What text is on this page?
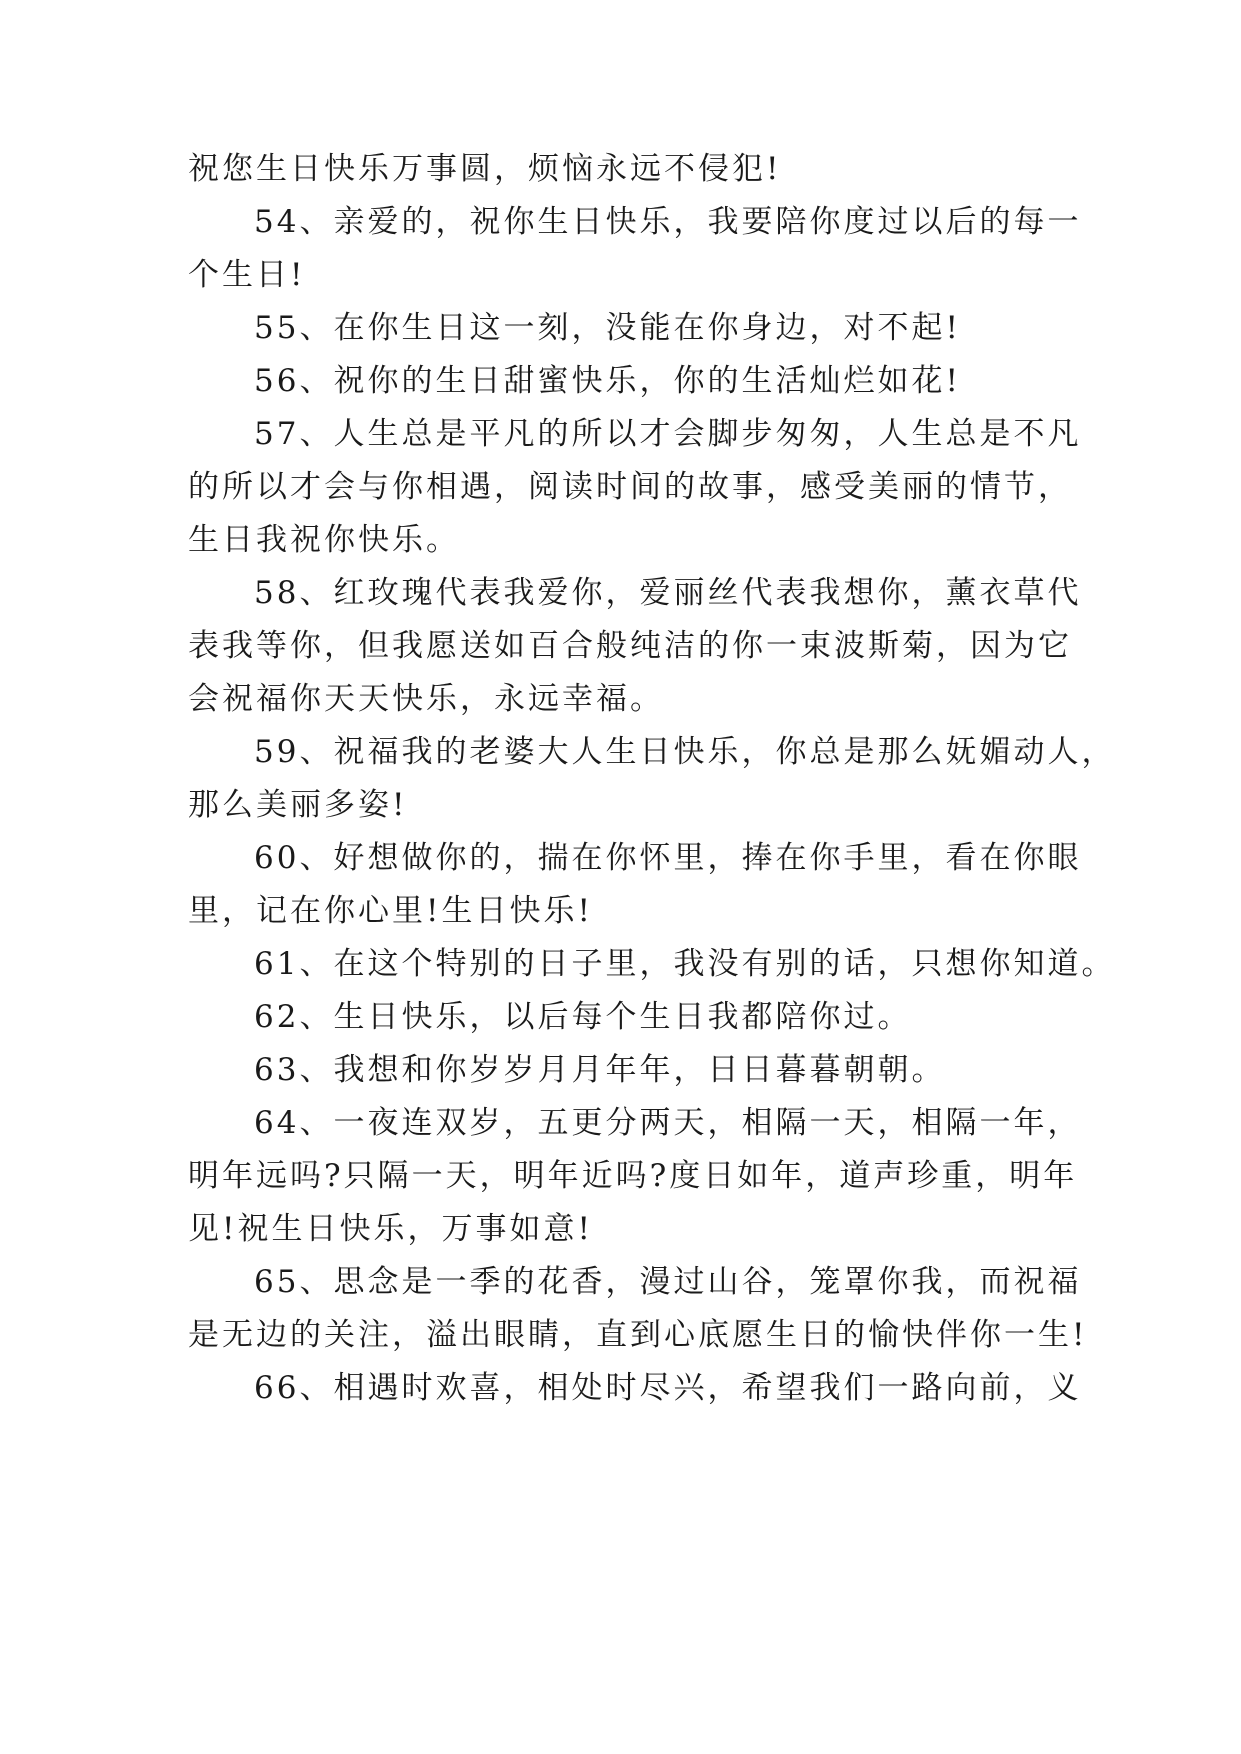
祝您生日快乐万事圆，烦恼永远不侵犯!
54、亲爱的，祝你生日快乐，我要陪你度过以后的每一
个生日!
55、在你生日这一刻，没能在你身边，对不起!
56、祝你的生日甜蜜快乐，你的生活灿烂如花!
57、人生总是平凡的所以才会脚步匆匆，人生总是不凡
的所以才会与你相遇，阅读时间的故事，感受美丽的情节，
生日我祝你快乐。
58、红玫瑰代表我爱你，爱丽丝代表我想你，薰衣草代
表我等你，但我愿送如百合般纯洁的你一束波斯菊，因为它
会祝福你天天快乐，永远幸福。
59、祝福我的老婆大人生日快乐，你总是那么妩媚动人，
那么美丽多姿!
60、好想做你的，揣在你怀里，捧在你手里，看在你眼
里，记在你心里!生日快乐!
61、在这个特别的日子里，我没有别的话，只想你知道。
62、生日快乐，以后每个生日我都陪你过。
63、我想和你岁岁月月年年，日日暮暮朝朝。
64、一夜连双岁，五更分两天，相隔一天，相隔一年，
明年远吗?只隔一天，明年近吗?度日如年，道声珍重，明年
见!祝生日快乐，万事如意!
65、思念是一季的花香，漫过山谷，笼罩你我，而祝福
是无边的关注，溢出眼睛，直到心底愿生日的愉快伴你一生!
66、相遇时欢喜，相处时尽兴，希望我们一路向前，义
